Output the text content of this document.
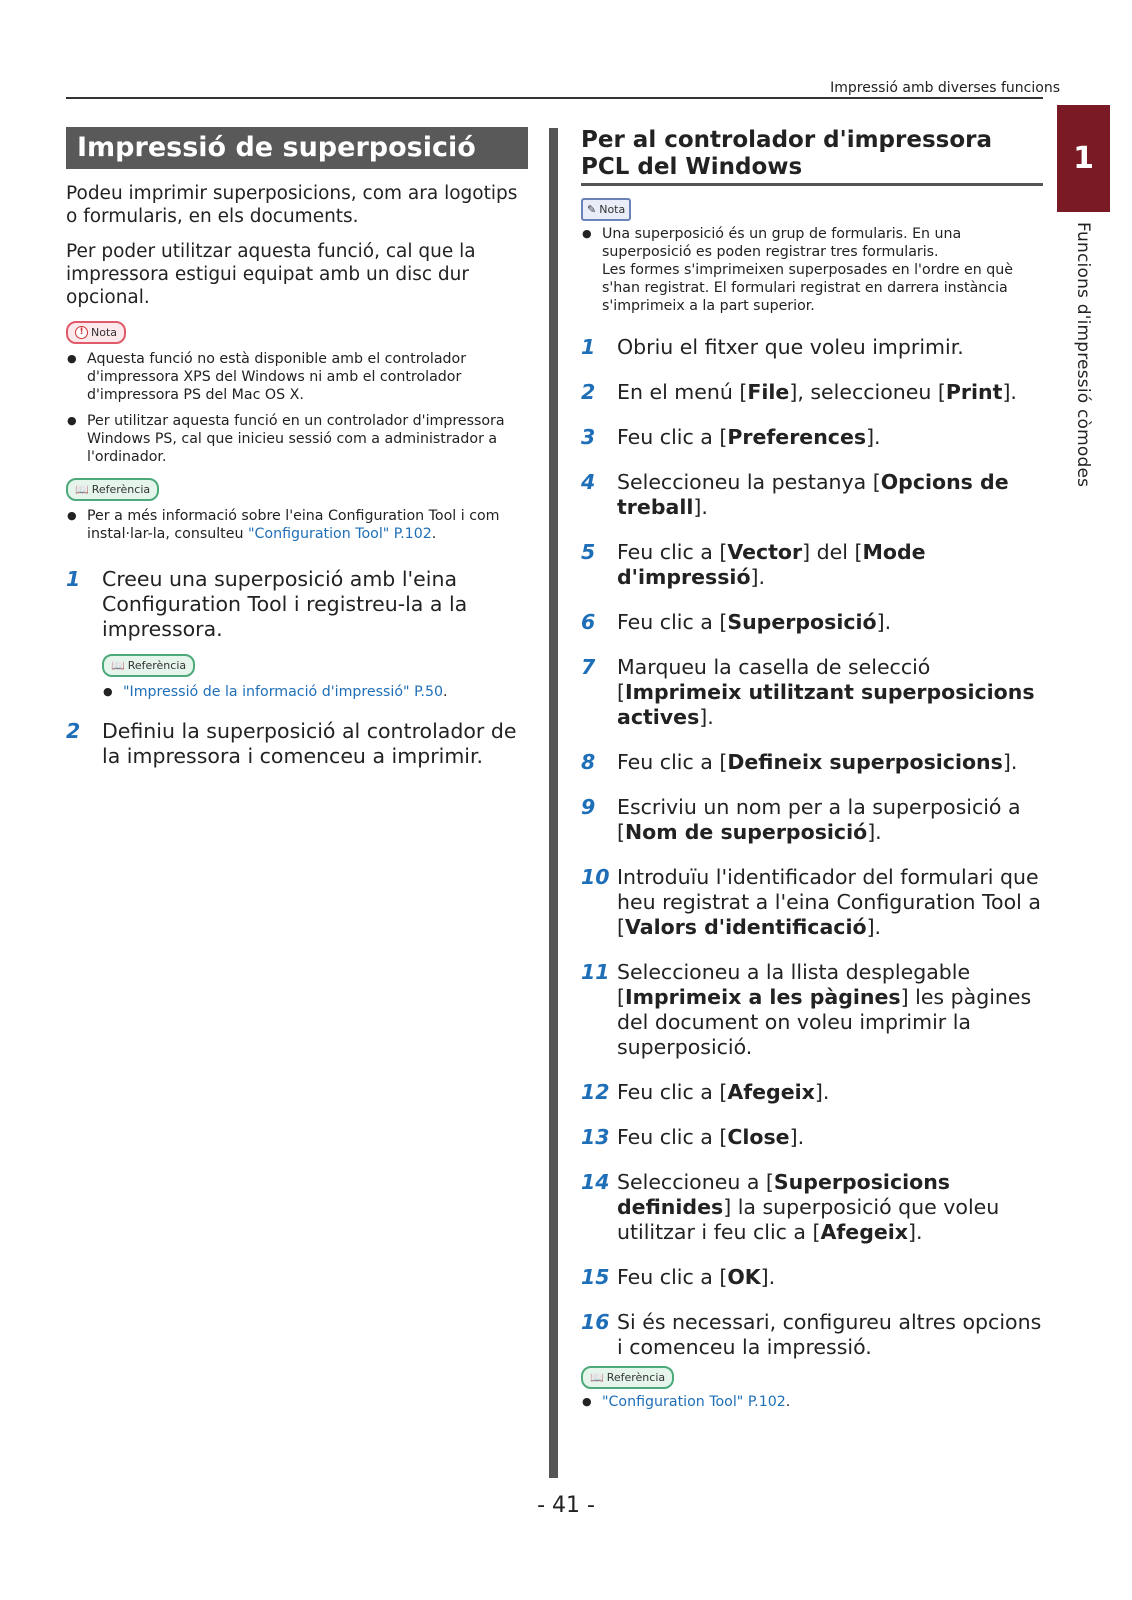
Impressió amb diverses funcions
1
Funcions d'impressió còmodes
Impressió de superposició

Podeu imprimir superposicions, com ara logotips o formularis, en els documents.

Per poder utilitzar aquesta funció, cal que la impressora estigui equipat amb un disc dur opcional.

! Nota
● Aquesta funció no està disponible amb el controlador d'impressora XPS del Windows ni amb el controlador d'impressora PS del Mac OS X.
● Per utilitzar aquesta funció en un controlador d'impressora Windows PS, cal que inicieu sessió com a administrador a l'ordinador.
📖 Referència
● Per a més informació sobre l'eina Configuration Tool i com instal·lar-la, consulteu "Configuration Tool" P.102.
1	Creeu una superposició amb l'eina Configuration Tool i registreu-la a la impressora.
📖 Referència
● "Impressió de la informació d'impressió" P.50.
2	Definiu la superposició al controlador de la impressora i comenceu a imprimir.
Per al controlador d'impressora PCL del Windows
✎ Nota
● Una superposició és un grup de formularis. En una superposició es poden registrar tres formularis.
Les formes s'imprimeixen superposades en l'ordre en què s'han registrat. El formulari registrat en darrera instància s'imprimeix a la part superior.
1	Obriu el fitxer que voleu imprimir.
2	En el menú [File], seleccioneu [Print].
3	Feu clic a [Preferences].
4	Seleccioneu la pestanya [Opcions de treball].
5	Feu clic a [Vector] del [Mode d'impressió].
6	Feu clic a [Superposició].
7	Marqueu la casella de selecció [Imprimeix utilitzant superposicions actives].
8	Feu clic a [Defineix superposicions].
9	Escriviu un nom per a la superposició a [Nom de superposició].
10 Introduïu l'identificador del formulari que heu registrat a l'eina Configuration Tool a [Valors d'identificació].
11 Seleccioneu a la llista desplegable [Imprimeix a les pàgines] les pàgines del document on voleu imprimir la superposició.
12 Feu clic a [Afegeix].
13 Feu clic a [Close].
14 Seleccioneu a [Superposicions definides] la superposició que voleu utilitzar i feu clic a [Afegeix].
15 Feu clic a [OK].
16 Si és necessari, configureu altres opcions i comenceu la impressió.
📖 Referència
● "Configuration Tool" P.102.
- 41 -
